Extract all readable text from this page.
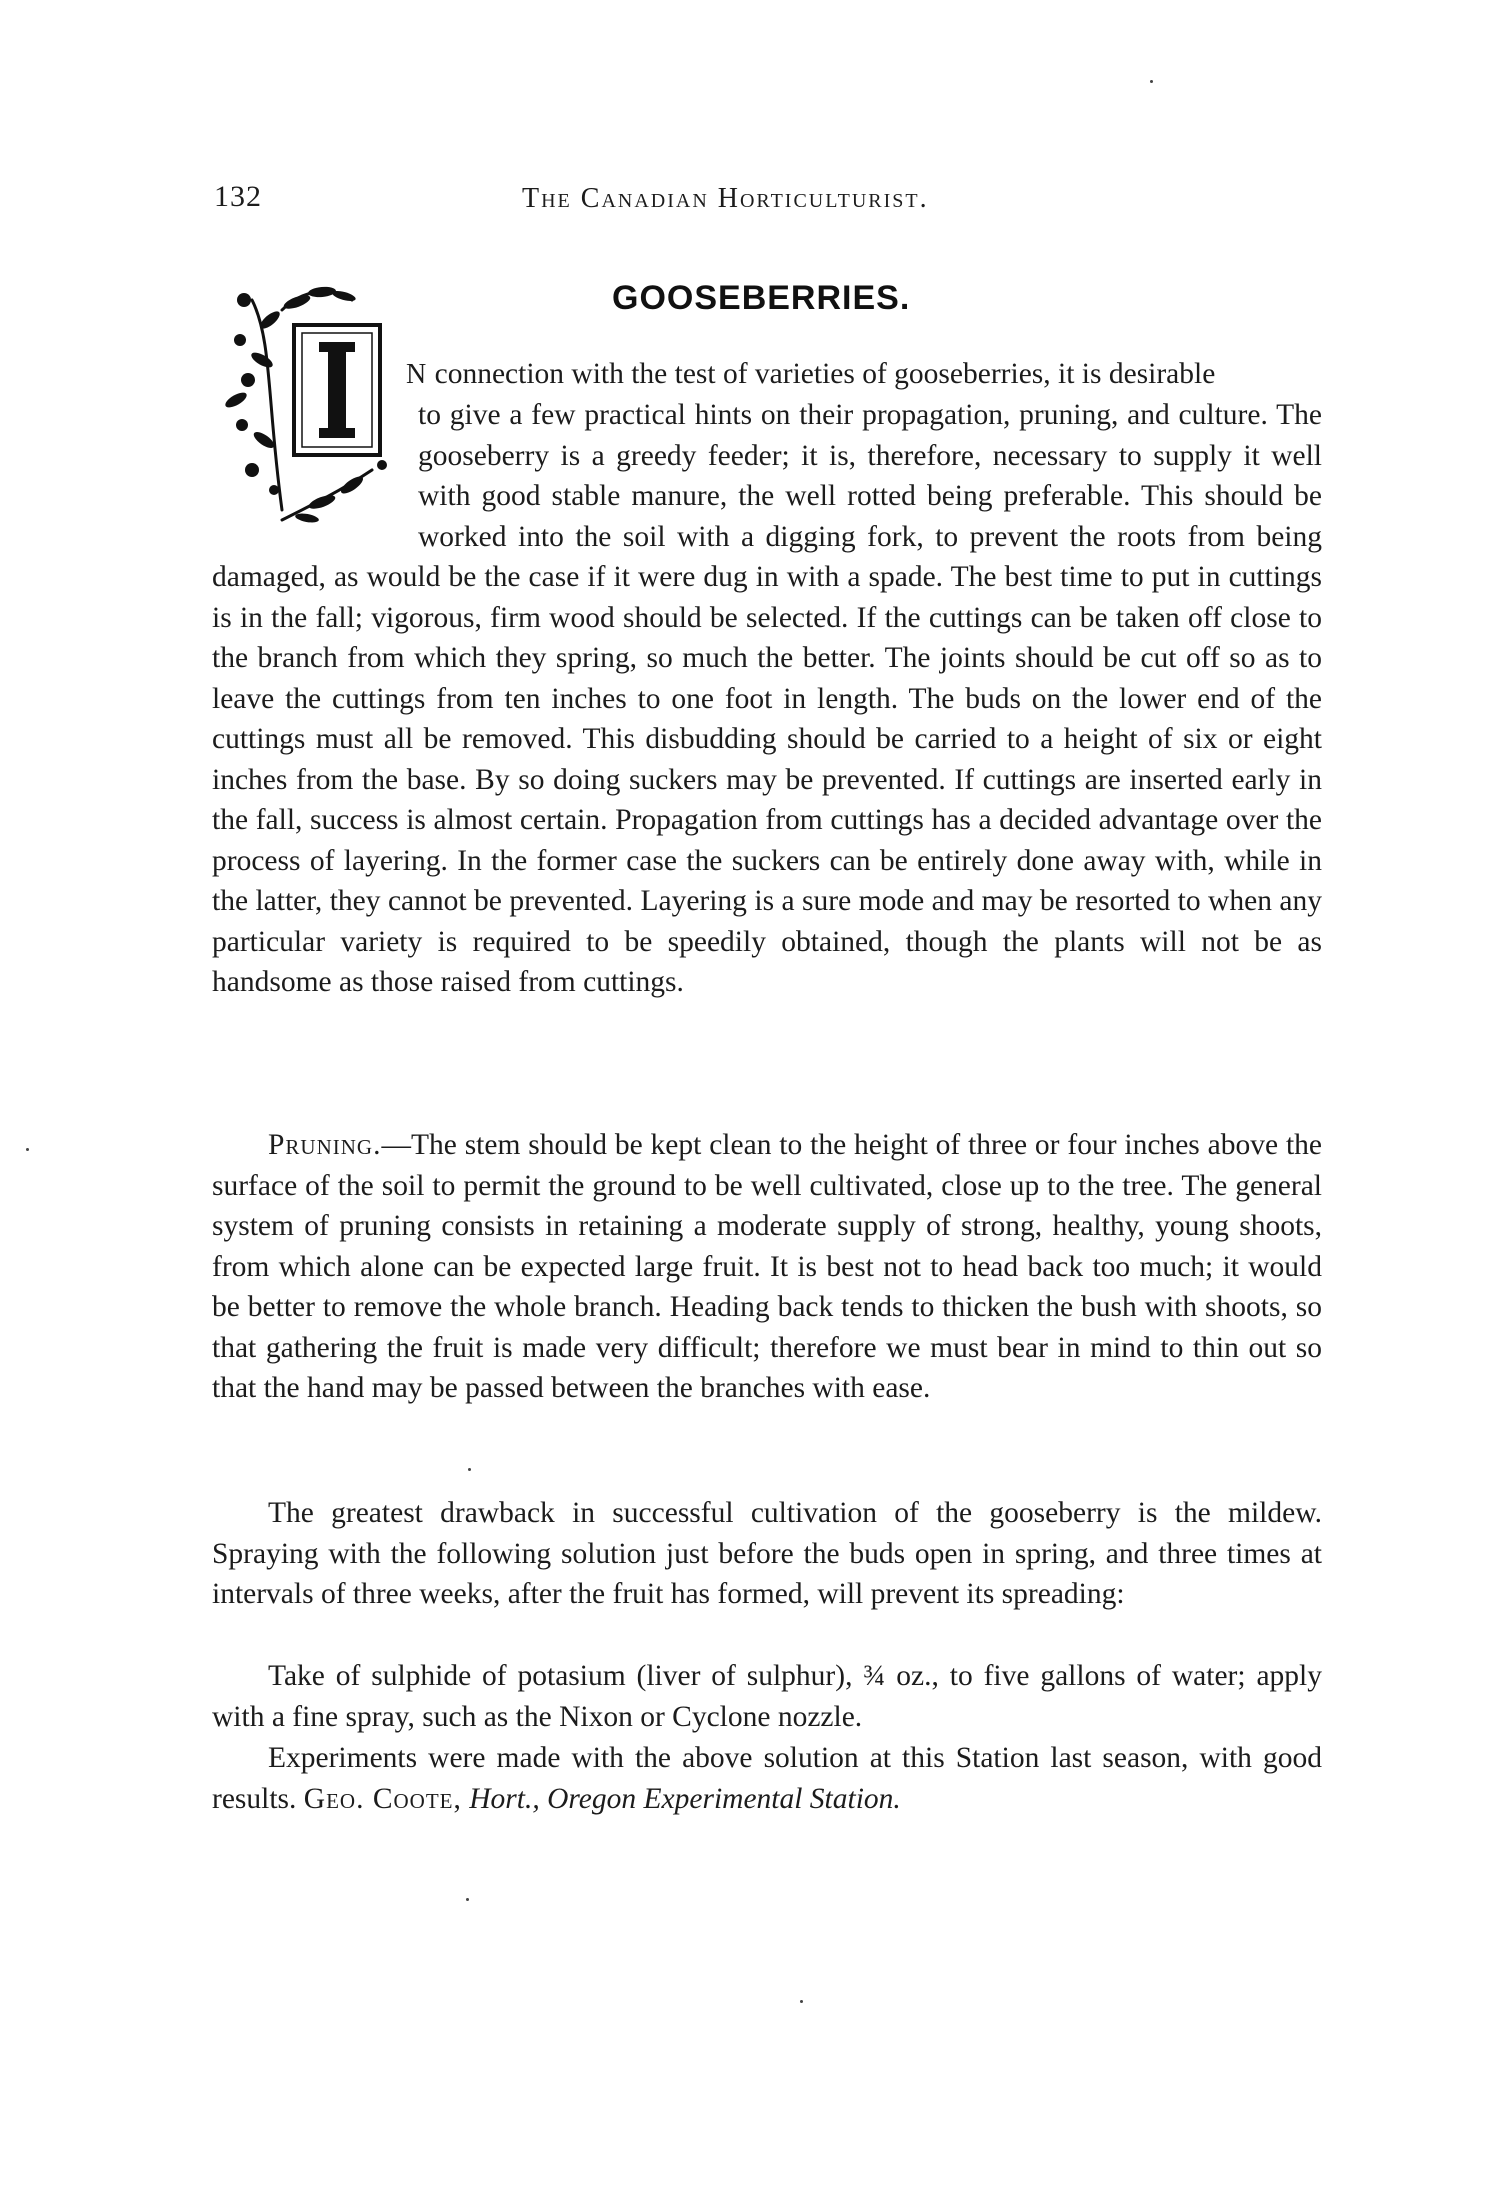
132	The Canadian Horticulturist.
GOOSEBERRIES.
N connection with the test of varieties of gooseberries, it is desirable
to give a few practical hints on their propagation, pruning, and culture. The gooseberry is a greedy feeder; it is, therefore, necessary to supply it well with good stable manure, the well rotted being preferable. This should be worked into the soil with a digging fork, to prevent the roots from being damaged, as would be the case if it were dug in with a spade. The best time to put in cuttings is in the fall; vigorous, firm wood should be selected. If the cuttings can be taken off close to the branch from which they spring, so much the better. The joints should be cut off so as to leave the cuttings from ten inches to one foot in length. The buds on the lower end of the cuttings must all be removed. This disbudding should be carried to a height of six or eight inches from the base. By so doing suckers may be prevented. If cuttings are inserted early in the fall, success is almost certain. Propagation from cuttings has a decided advantage over the process of layering. In the former case the suckers can be entirely done away with, while in the latter, they cannot be prevented. Layering is a sure mode and may be resorted to when any particular variety is required to be speedily obtained, though the plants will not be as handsome as those raised from cuttings.
Pruning.—The stem should be kept clean to the height of three or four inches above the surface of the soil to permit the ground to be well cultivated, close up to the tree. The general system of pruning consists in retaining a moderate supply of strong, healthy, young shoots, from which alone can be expected large fruit. It is best not to head back too much; it would be better to remove the whole branch. Heading back tends to thicken the bush with shoots, so that gathering the fruit is made very difficult; therefore we must bear in mind to thin out so that the hand may be passed between the branches with ease.
The greatest drawback in successful cultivation of the gooseberry is the mildew. Spraying with the following solution just before the buds open in spring, and three times at intervals of three weeks, after the fruit has formed, will prevent its spreading:
Take of sulphide of potasium (liver of sulphur), ¾ oz., to five gallons of water; apply with a fine spray, such as the Nixon or Cyclone nozzle.
Experiments were made with the above solution at this Station last season, with good results. Geo. Coote, Hort., Oregon Experimental Station.
